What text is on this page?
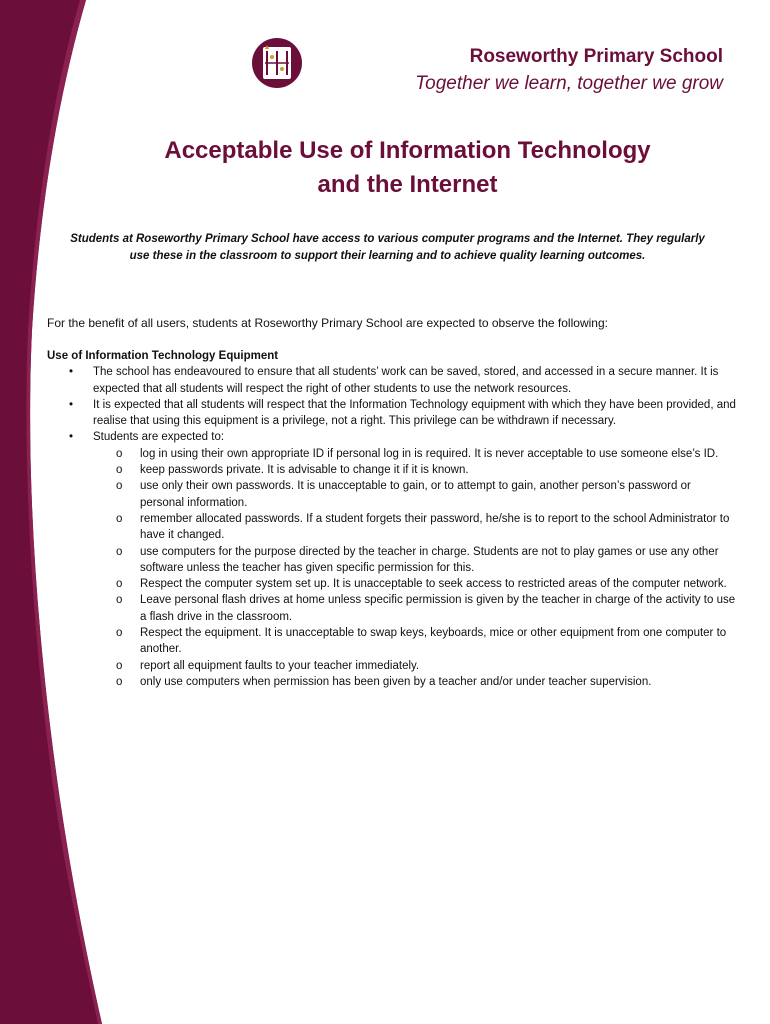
Roseworthy Primary School
Together we learn, together we grow
Acceptable Use of Information Technology
and the Internet
Students at Roseworthy Primary School have access to various computer programs and the Internet. They regularly use these in the classroom to support their learning and to achieve quality learning outcomes.
For the benefit of all users, students at Roseworthy Primary School are expected to observe the following:
Use of Information Technology Equipment
• The school has endeavoured to ensure that all students’ work can be saved, stored, and accessed in a secure manner. It is expected that all students will respect the right of other students to use the network resources.
• It is expected that all students will respect that the Information Technology equipment with which they have been provided, and realise that using this equipment is a privilege, not a right. This privilege can be withdrawn if necessary.
• Students are expected to:
o log in using their own appropriate ID if personal log in is required. It is never acceptable to use someone else’s ID.
o keep passwords private. It is advisable to change it if it is known.
o use only their own passwords. It is unacceptable to gain, or to attempt to gain, another person’s password or personal information.
o remember allocated passwords. If a student forgets their password, he/she is to report to the school Administrator to have it changed.
o use computers for the purpose directed by the teacher in charge. Students are not to play games or use any other software unless the teacher has given specific permission for this.
o Respect the computer system set up. It is unacceptable to seek access to restricted areas of the computer network.
o Leave personal flash drives at home unless specific permission is given by the teacher in charge of the activity to use a flash drive in the classroom.
o Respect the equipment. It is unacceptable to swap keys, keyboards, mice or other equipment from one computer to another.
o report all equipment faults to your teacher immediately.
o only use computers when permission has been given by a teacher and/or under teacher supervision.
